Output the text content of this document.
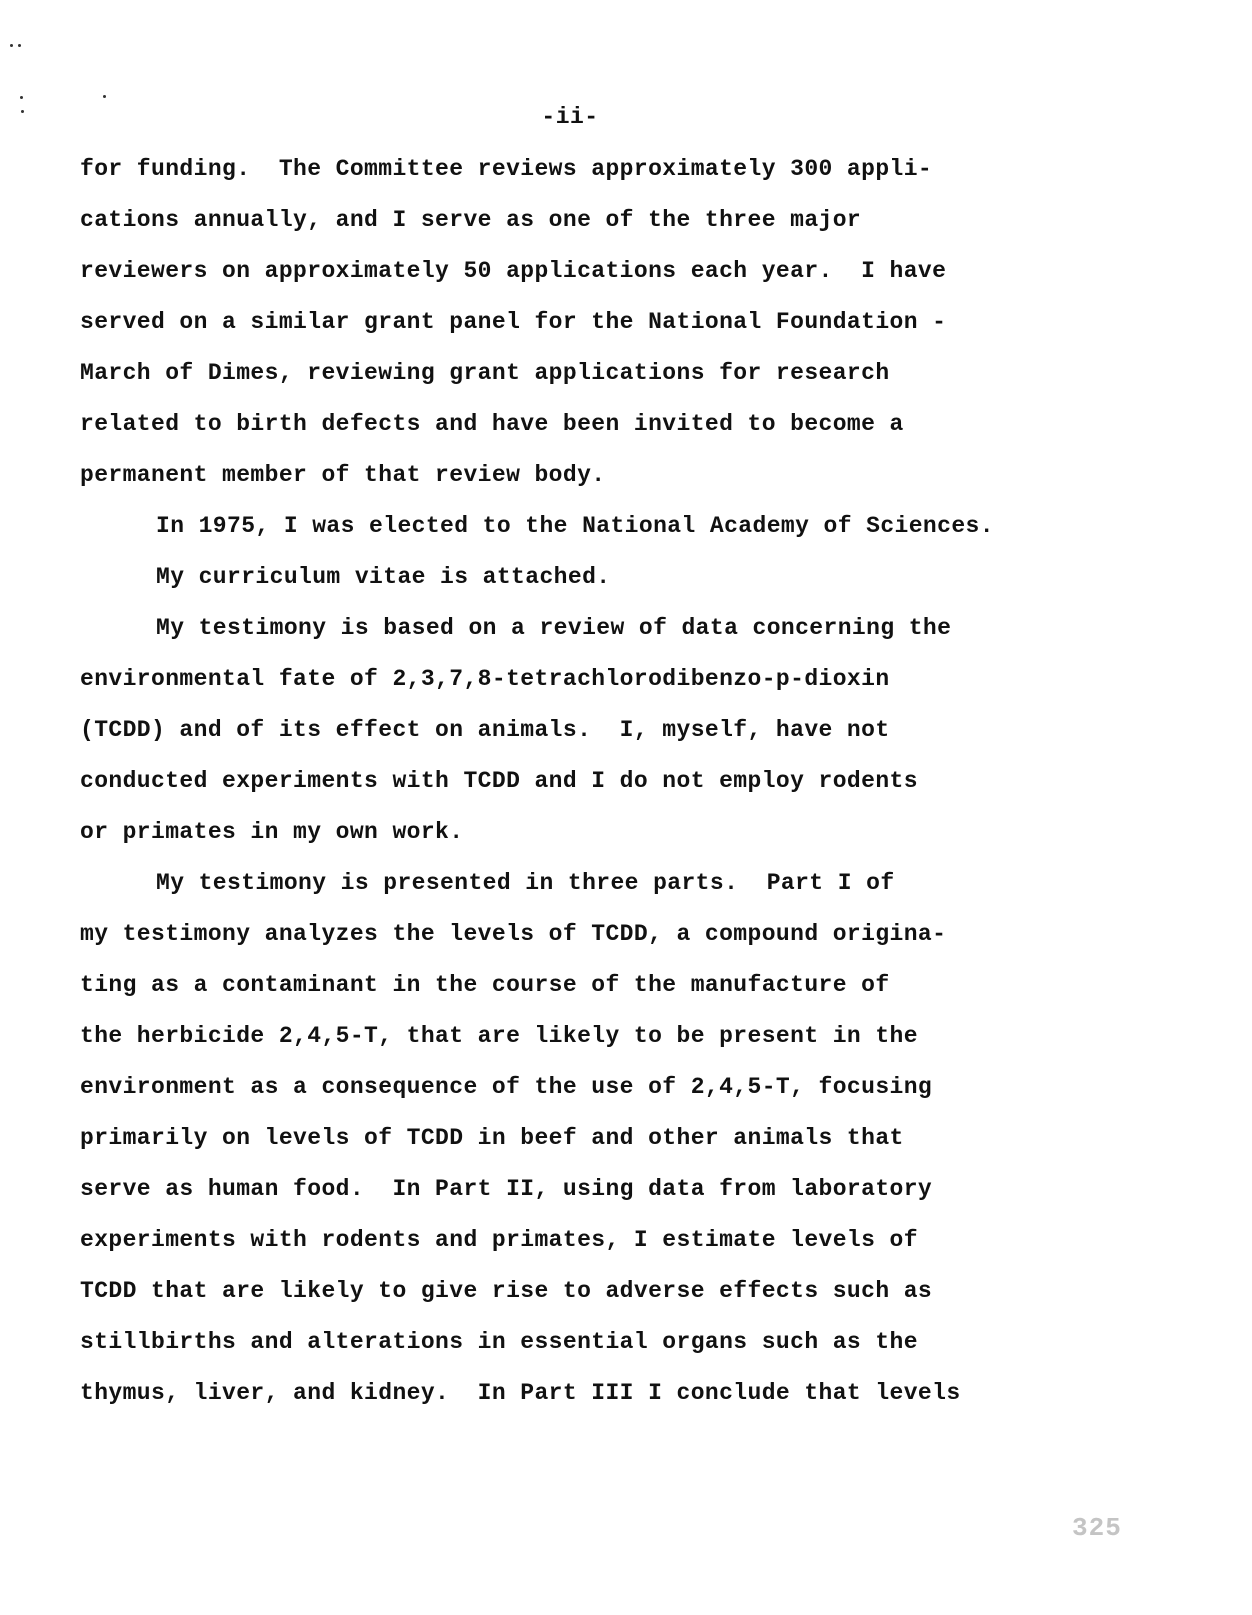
-ii-
for funding.  The Committee reviews approximately 300 appli-
cations annually, and I serve as one of the three major
reviewers on approximately 50 applications each year.  I have
served on a similar grant panel for the National Foundation -
March of Dimes, reviewing grant applications for research
related to birth defects and have been invited to become a
permanent member of that review body.
In 1975, I was elected to the National Academy of Sciences.
My curriculum vitae is attached.
My testimony is based on a review of data concerning the
environmental fate of 2,3,7,8-tetrachlorodibenzo-p-dioxin
(TCDD) and of its effect on animals.  I, myself, have not
conducted experiments with TCDD and I do not employ rodents
or primates in my own work.
My testimony is presented in three parts.  Part I of
my testimony analyzes the levels of TCDD, a compound origina-
ting as a contaminant in the course of the manufacture of
the herbicide 2,4,5-T, that are likely to be present in the
environment as a consequence of the use of 2,4,5-T, focusing
primarily on levels of TCDD in beef and other animals that
serve as human food.  In Part II, using data from laboratory
experiments with rodents and primates, I estimate levels of
TCDD that are likely to give rise to adverse effects such as
stillbirths and alterations in essential organs such as the
thymus, liver, and kidney.  In Part III I conclude that levels
325
